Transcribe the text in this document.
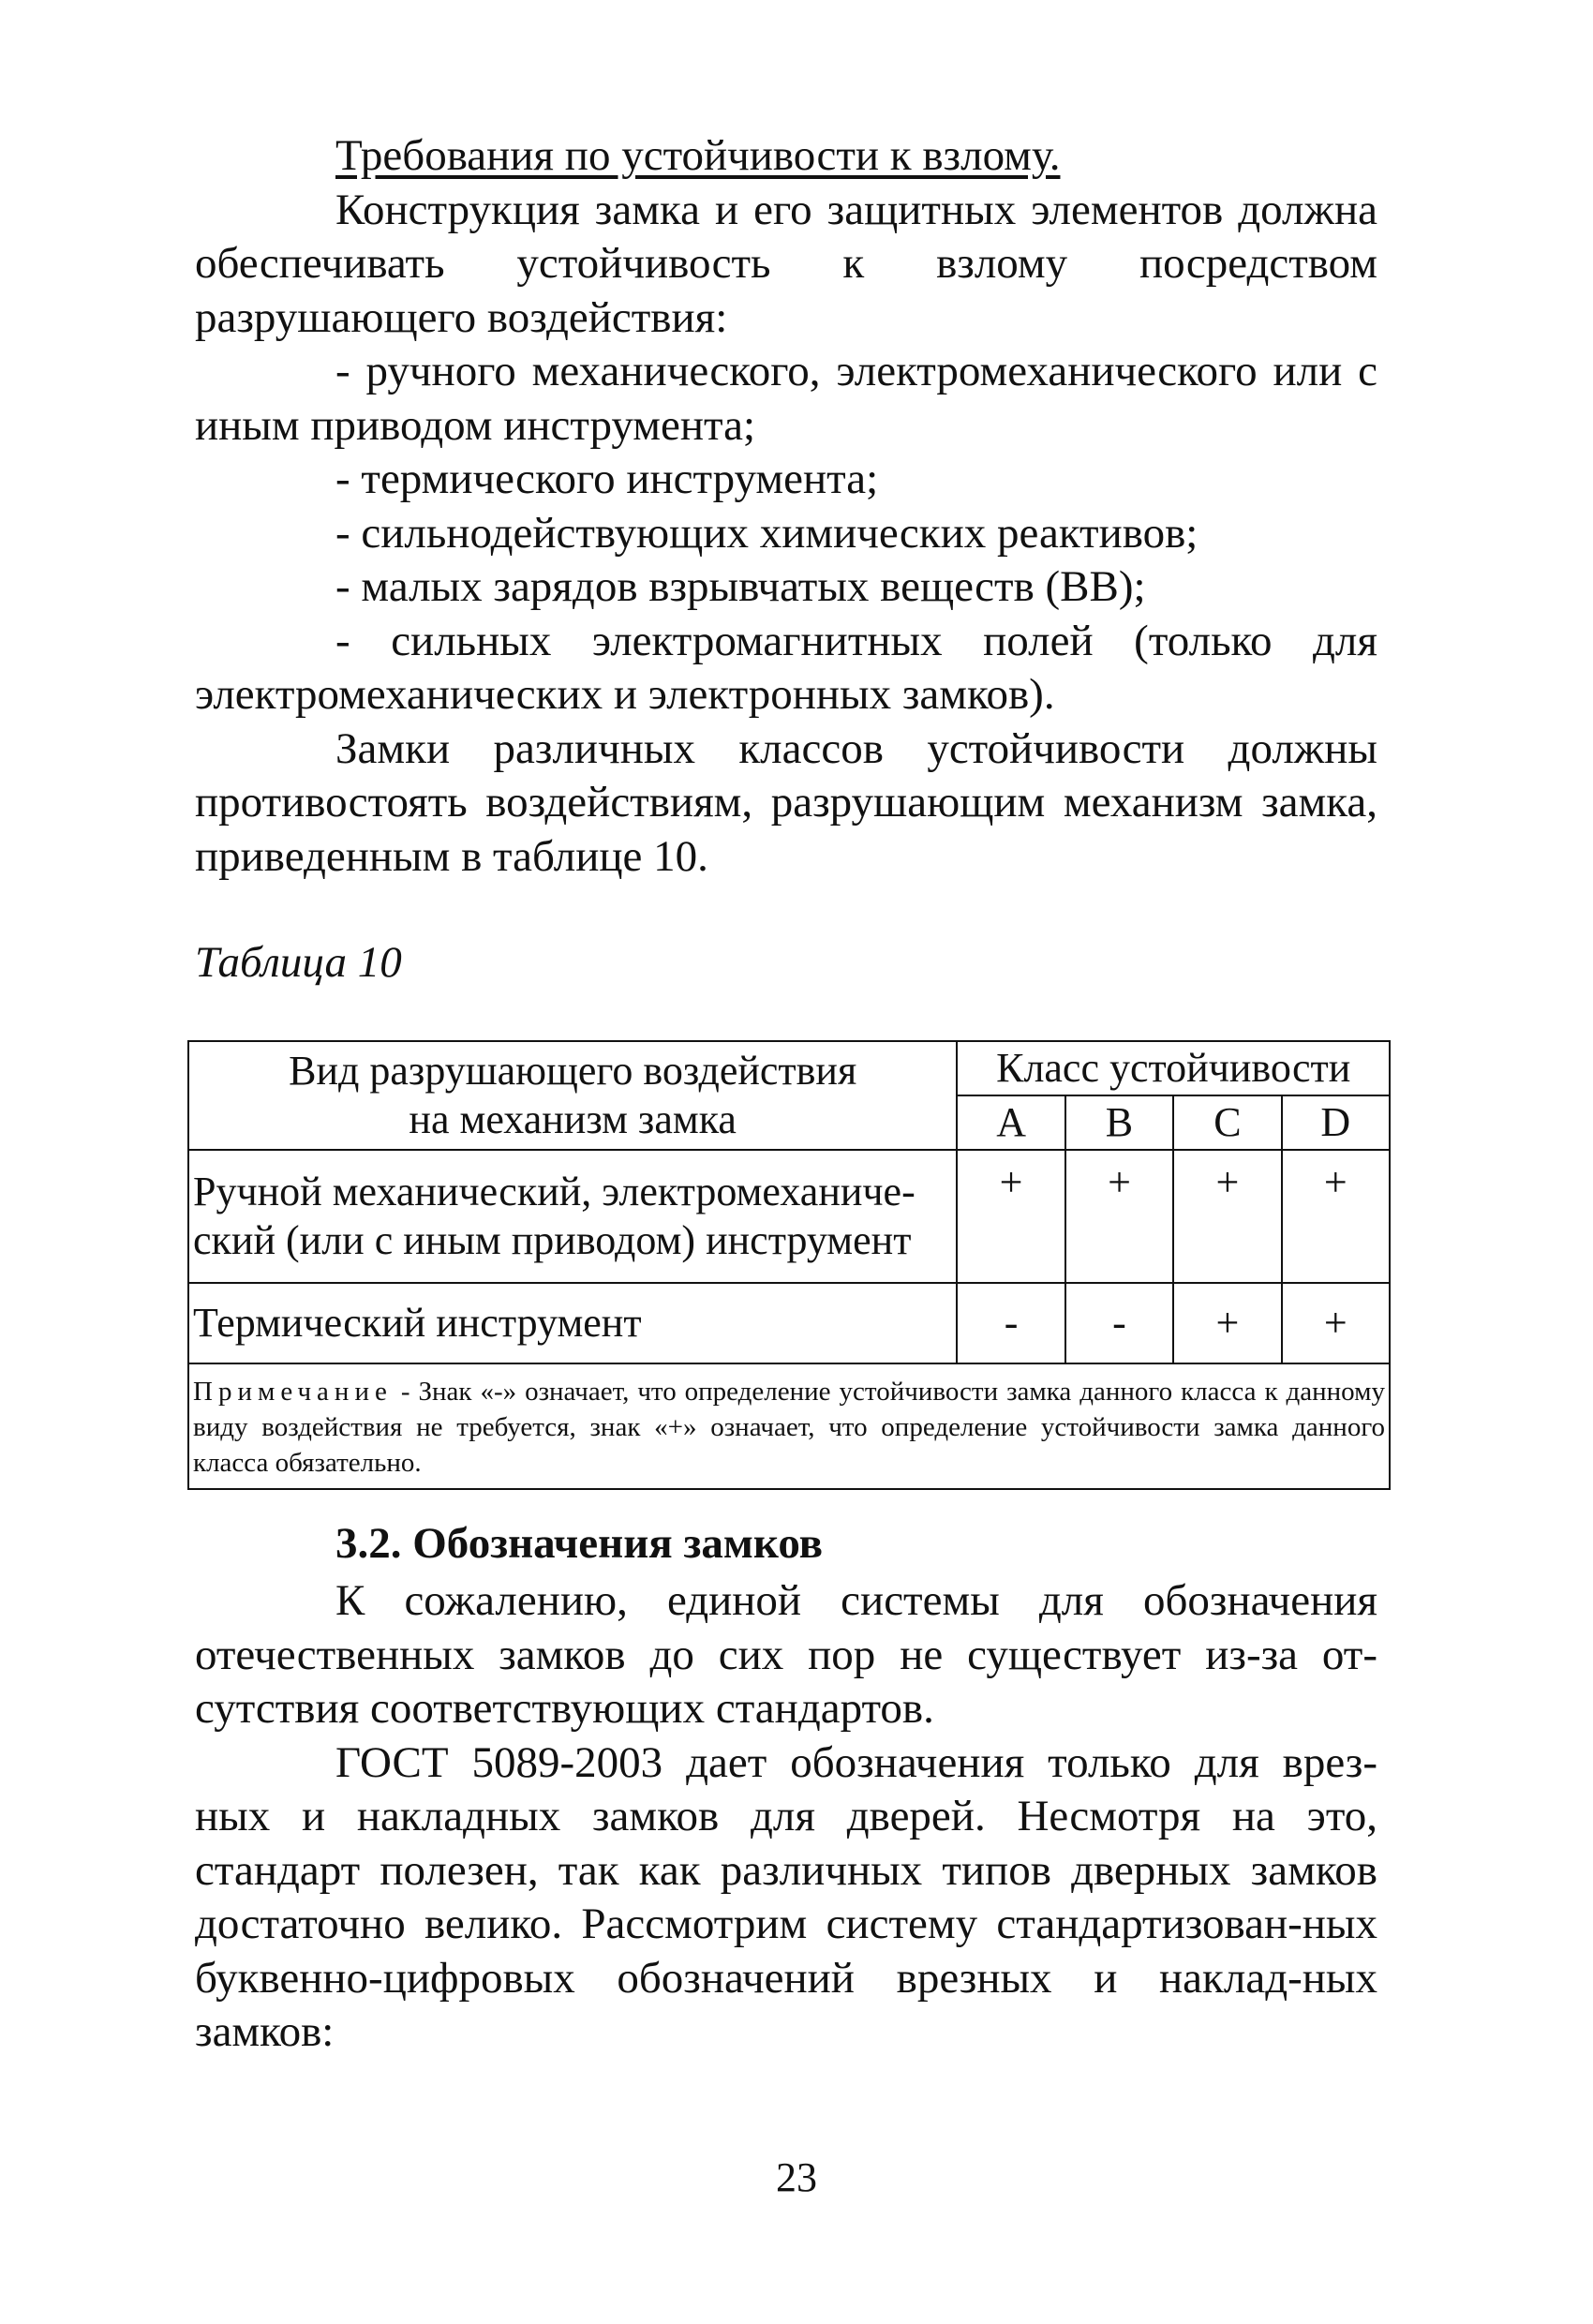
Требования по устойчивости к взлому.

Конструкция замка и его защитных элементов должна обеспечивать устойчивость к взлому посредством разрушающего воздействия:

- ручного механического, электромеханического или с иным приводом инструмента;

- термического инструмента;

- сильнодействующих химических реактивов;

- малых зарядов взрывчатых веществ (ВВ);

- сильных электромагнитных полей (только для электромеханических и электронных замков).

Замки различных классов устойчивости должны противостоять воздействиям, разрушающим механизм замка, приведенным в таблице 10.

Таблица 10
Вид разрушающего воздействия
на механизм замка	Класс устойчивости			
	A	B	C	D

Ручной механический, электромеханиче-
ский (или с иным приводом) инструмент	+	+	+	+
Термический инструмент	-	-	+	+
Примечание - Знак «-» означает, что определение устойчивости замка данного класса к данному виду воздействия не требуется, знак «+» означает, что определение устойчивости замка данного класса обязательно.				
3.2. Обозначения замков

К сожалению, единой системы для обозначения отечественных замков до сих пор не существует из-за от-сутствия соответствующих стандартов.

ГОСТ 5089-2003 дает обозначения только для врез-ных и накладных замков для дверей. Несмотря на это, стандарт полезен, так как различных типов дверных замков достаточно велико. Рассмотрим систему стандартизован-ных буквенно-цифровых обозначений врезных и наклад-ных замков:

23
